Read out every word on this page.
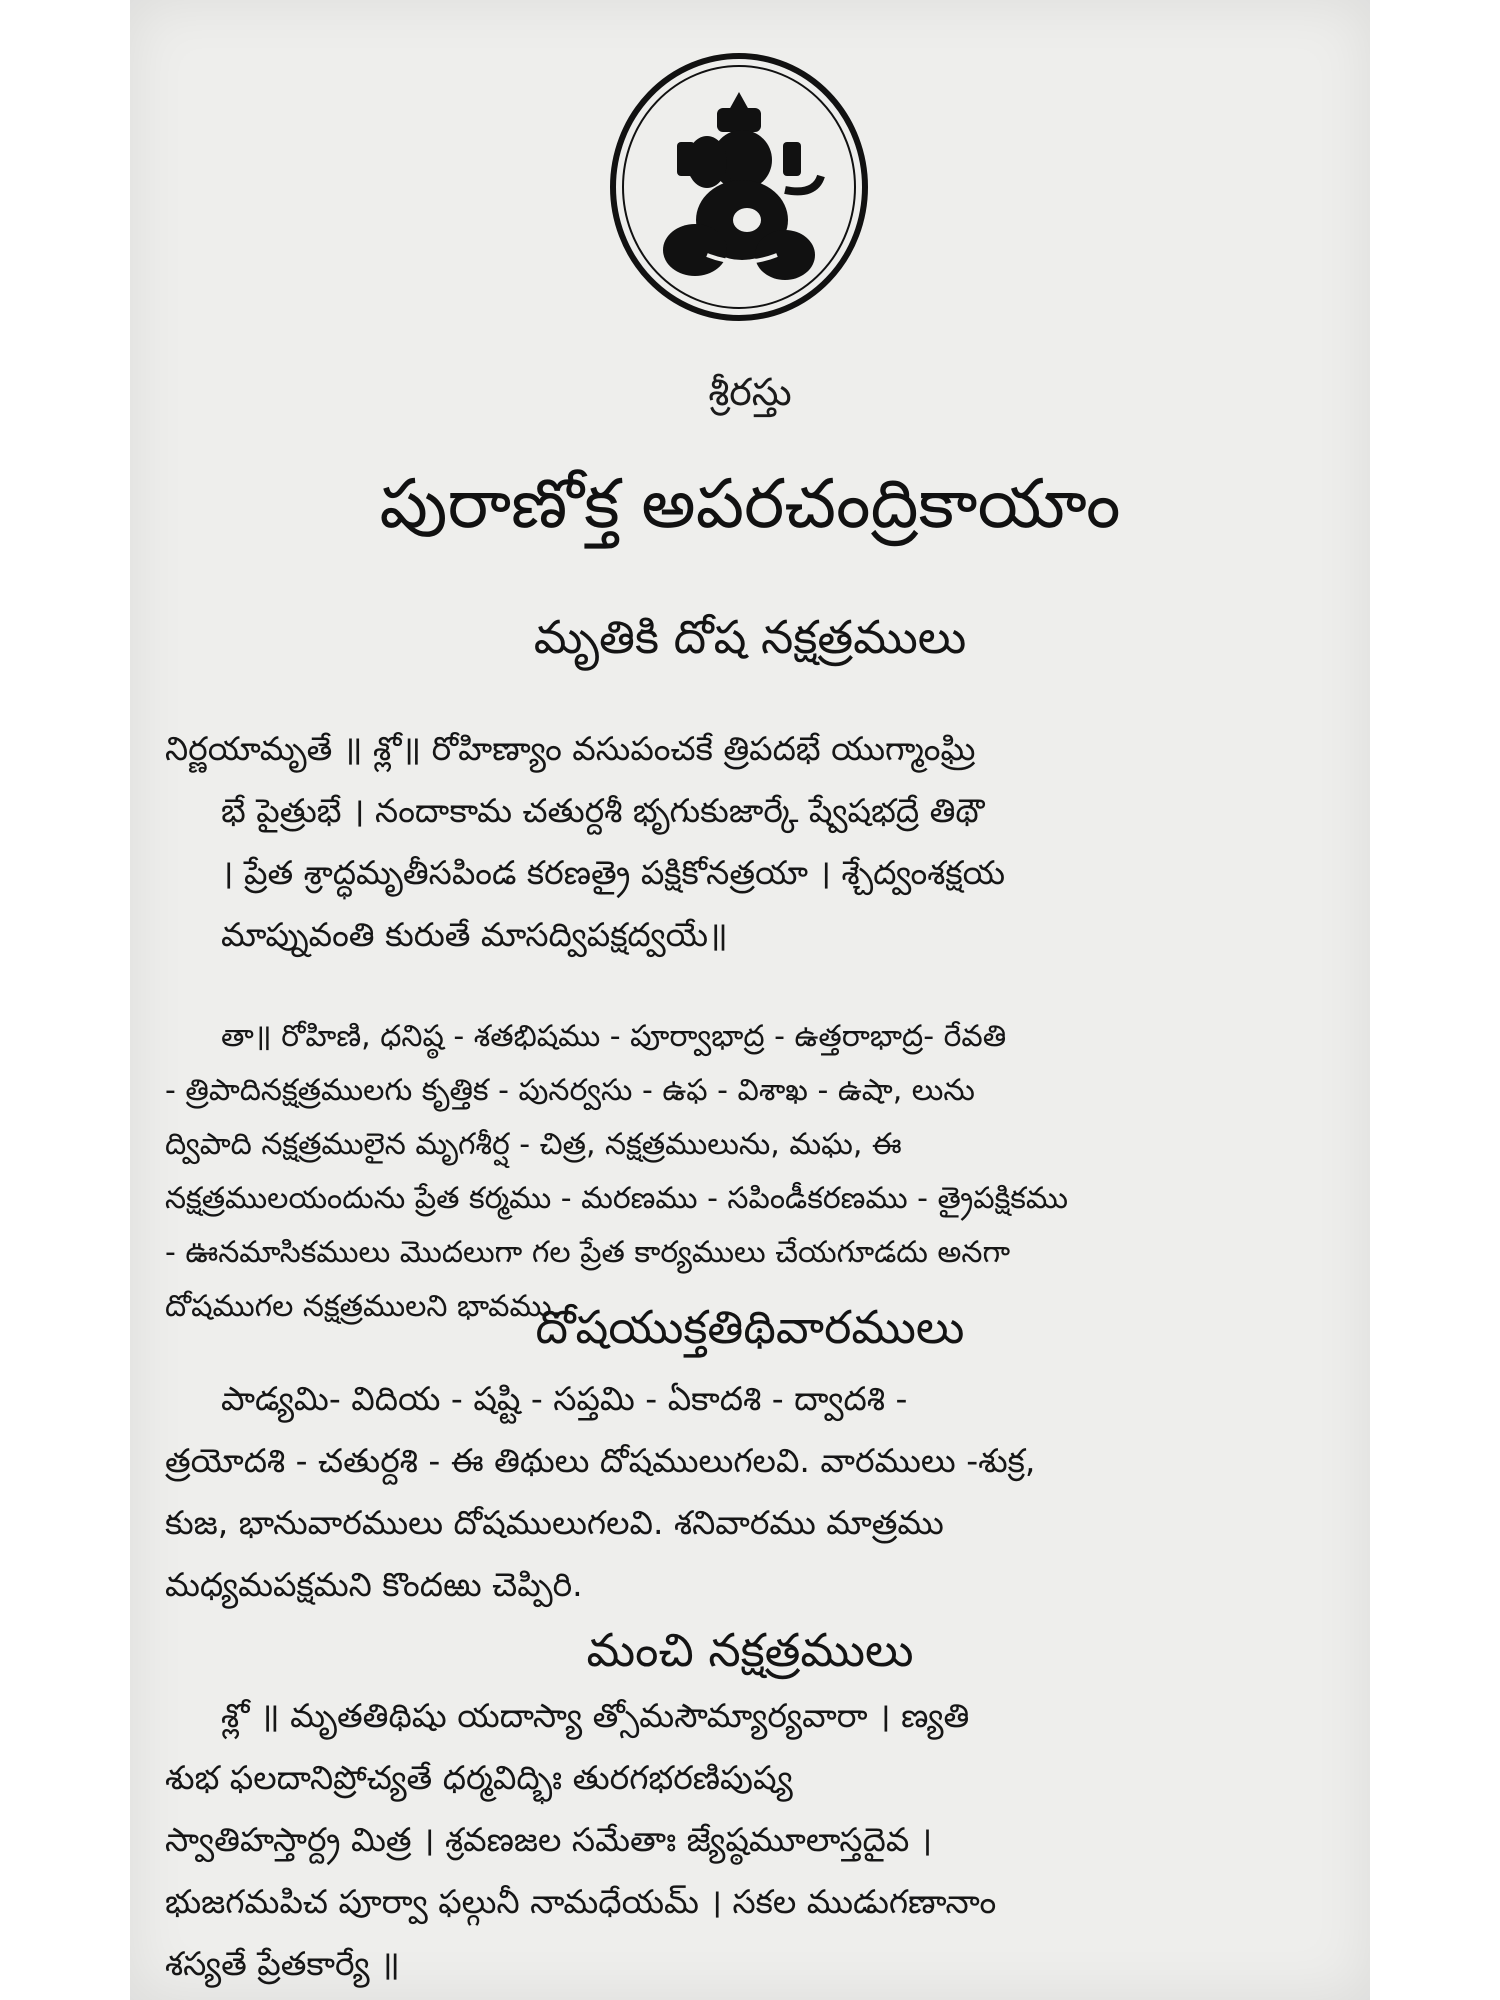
శ్రీరస్తు
పురాణోక్త అపరచంద్రికాయాం
మృతికి దోష నక్షత్రములు

నిర్ణయామృతే ॥ శ్లో॥ రోహిణ్యాం వసుపంచకే త్రిపదభే యుగ్మాంఘ్రి

భే పైత్రుభే । నందాకామ చతుర్దశీ భృగుకుజార్కే ష్వేషభద్రే తిథౌ

। ప్రేత శ్రాద్ధమృతీసపిండ కరణత్రై పక్షికోనత్రయా । శ్చేద్వంశక్షయ

మాప్నువంతి కురుతే మాసద్విపక్షద్వయే॥

తా॥ రోహిణి, ధనిష్ఠ - శతభిషము - పూర్వాభాద్ర - ఉత్తరాభాద్ర- రేవతి

- త్రిపాదినక్షత్రములగు కృత్తిక - పునర్వసు - ఉఫ - విశాఖ - ఉషా, లును

ద్విపాది నక్షత్రములైన మృగశీర్ష - చిత్ర, నక్షత్రములును, మఘ, ఈ

నక్షత్రములయందును ప్రేత కర్మము - మరణము - సపిండీకరణము - త్రైపక్షికము

- ఊనమాసికములు మొదలుగా గల ప్రేత కార్యములు చేయగూడదు అనగా

దోషముగల నక్షత్రములని భావము.

దోషయుక్తతిథివారములు

పాడ్యమి- విదియ - షష్టి - సప్తమి - ఏకాదశి - ద్వాదశి -

త్రయోదశి - చతుర్దశి - ఈ తిథులు దోషములుగలవి. వారములు -శుక్ర,

కుజ, భానువారములు దోషములుగలవి. శనివారము మాత్రము

మధ్యమపక్షమని కొందఱు చెప్పిరి.

మంచి నక్షత్రములు

శ్లో ॥ మృతతిథిషు యదాస్యా త్సోమసౌమ్యార్యవారా । ణ్యతి

శుభ ఫలదానిప్రోచ్యతే ధర్మవిద్భిః తురగభరణిపుష్య

స్వాతిహస్తార్ద్ర మిత్ర । శ్రవణజల సమేతాః జ్యేష్ఠమూలాస్తదైవ ।

భుజగమపిచ పూర్వా ఫల్గునీ నామధేయమ్ । సకల ముడుగణానాం

శస్యతే ప్రేతకార్యే ॥
